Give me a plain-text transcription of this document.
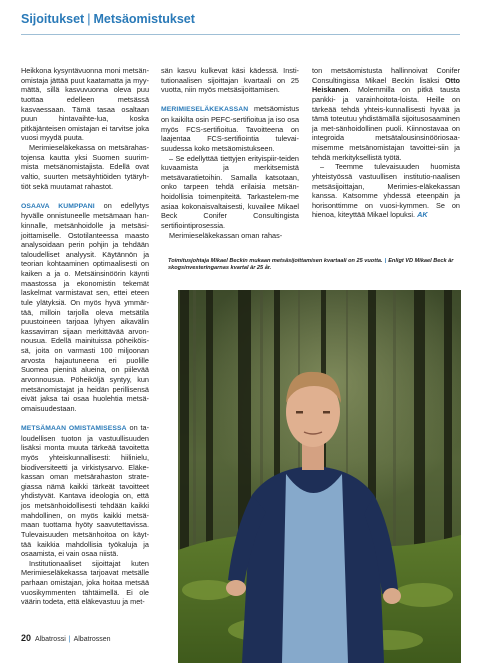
Sijoitukset | Metsäomistukset

Heikkona kysyntävuonna moni metsän-omistaja jättää puut kaatamatta ja myy-mättä, sillä kasvuvuonna oleva puu tuottaa edelleen metsässä kasvaessaan. Tämä tasaa osaltaan puun hintavaihte-lua, koska pitkäjänteisen omistajan ei tarvitse joka vuosi myydä puuta.

Merimieseläkekassa on metsärahas-tojensa kautta yksi Suomen suurim-mista metsänomistajista. Edellä ovat valtio, suurten metsäyhtiöiden tytäryh-tiöt sekä muutamat rahastot.

OSAAVA KUMPPANI on edellytys hyvälle onnistuneelle metsämaan han-kinnalle, metsänhoidolle ja metsäsi-joittamiselle. Ostotilanteessa maasto analysoidaan perin pohjin ja tehdään taloudelliset analyysit. Käytännön ja teorian kohtaaminen optimaalisesti on kaiken a ja o. Metsäinsinöörin käynti maastossa ja ekonomistin tekemät laskelmat varmistavat sen, ettei eteen tule ylätyksiä. On myös hyvä ymmär-tää, milloin tarjolla oleva metsätila puustoineen tarjoaa lyhyen aikavälin kassavirran sijaan merkittävää arvon-nousua. Edellä mainituissa pöheiköis-sä, joita on varmasti 100 miljoonan arvosta hajautuneena eri puolille Suomea pieninä alueina, on piilevää arvonnousua. Pöheiköljä syntyy, kun metsänomistajat ja heidän perillisensä eivät jaksa tai osaa huolehtia metsä-omaisuudestaan.

METSÄMAAN OMISTAMISESSA on ta-loudellisen tuoton ja vastuullisuuden lisäksi monta muuta tärkeää tavoitetta myös yhteiskunnallisesti: hiilinielu, biodiversiteetti ja virkistysarvo. Eläke-kassan oman metsärahaston strate-giassa nämä kaikki tärkeät tavoitteet yhdistyvät. Kantava ideologia on, että jos metsänhoidollisesti tehdään kaikki mahdollinen, on myös kaikki metsä-maan tuottama hyöty saavutettavissa. Tulevaisuuden metsänhoitoa on käyt-tää kaikkia mahdollisia työkaluja ja osaamista, ei vain osaa niistä.

Institutionaaliset sijoittajat kuten Merimieseläkekassa tarjoavat metsälle parhaan omistajan, joka hoitaa metsää vuosikymmenten tähtäimellä. Ei ole väärin todeta, että eläkevastuu ja met-

sän kasvu kulkevat käsi kädessä. Insti-tutionaalisen sijoittajan kvartaali on 25 vuotta, niin myös metsäsijoittamisen.

MERIMIESELÄKEKASSAN metsäomistus on kaikilta osin PEFC-sertifioitua ja iso osa myös FCS-sertifioitua. Tavoitteena on laajentaa FCS-sertifiointia tulevai-suudessa koko metsäomistukseen.

– Se edellyttää tiettyjen erityispiir-teiden kuvaamista ja merkitsemistä metsävaratietoihin. Samalla katsotaan, onko tarpeen tehdä erilaisia metsän-hoidollisia toimenpiteitä. Tarkastelem-me asiaa kokonaisvaltaisesti, kuvailee Mikael Beck Conifer Consultingista sertifiointiprosessia.

Merimieseläkekassan oman rahas-

ton metsäomistusta hallinnoivat Conifer Consultingissa Mikael Beckin lisäksi Otto Heiskanen. Molemmilla on pitkä tausta pankki- ja varainhoitota-loista. Heille on tärkeää tehdä yhteis-kunnallisesti hyvää ja tämä toteutuu yhdistämällä sijoitusosaaminen ja met-sänhoidollinen puoli. Kiinnostavaa on integroida metsätalousinsinööriosaa-misemme metsänomistajan tavoittei-siin ja tehdä merkityksellistä työtä.

– Teemme tulevaisuuden huomista yhteistyössä vastuullisen institutio-naalisen metsäsijoittajan, Merimies-eläkekassan kanssa. Katsomme yhdessä eteenpäin ja horisonttimme on vuosi-kymmen. Se on hienoa, kiteyttää Mikael lopuksi. AK

Toimitusjohtaja Mikael Beckin mukaan metsäsijoittamisen kvartaali on 25 vuotta. | Enligt VD Mikael Beck är skogsinvesteringarnas kvartal är 25 år.
20 Albatrossi | Albatrossen
